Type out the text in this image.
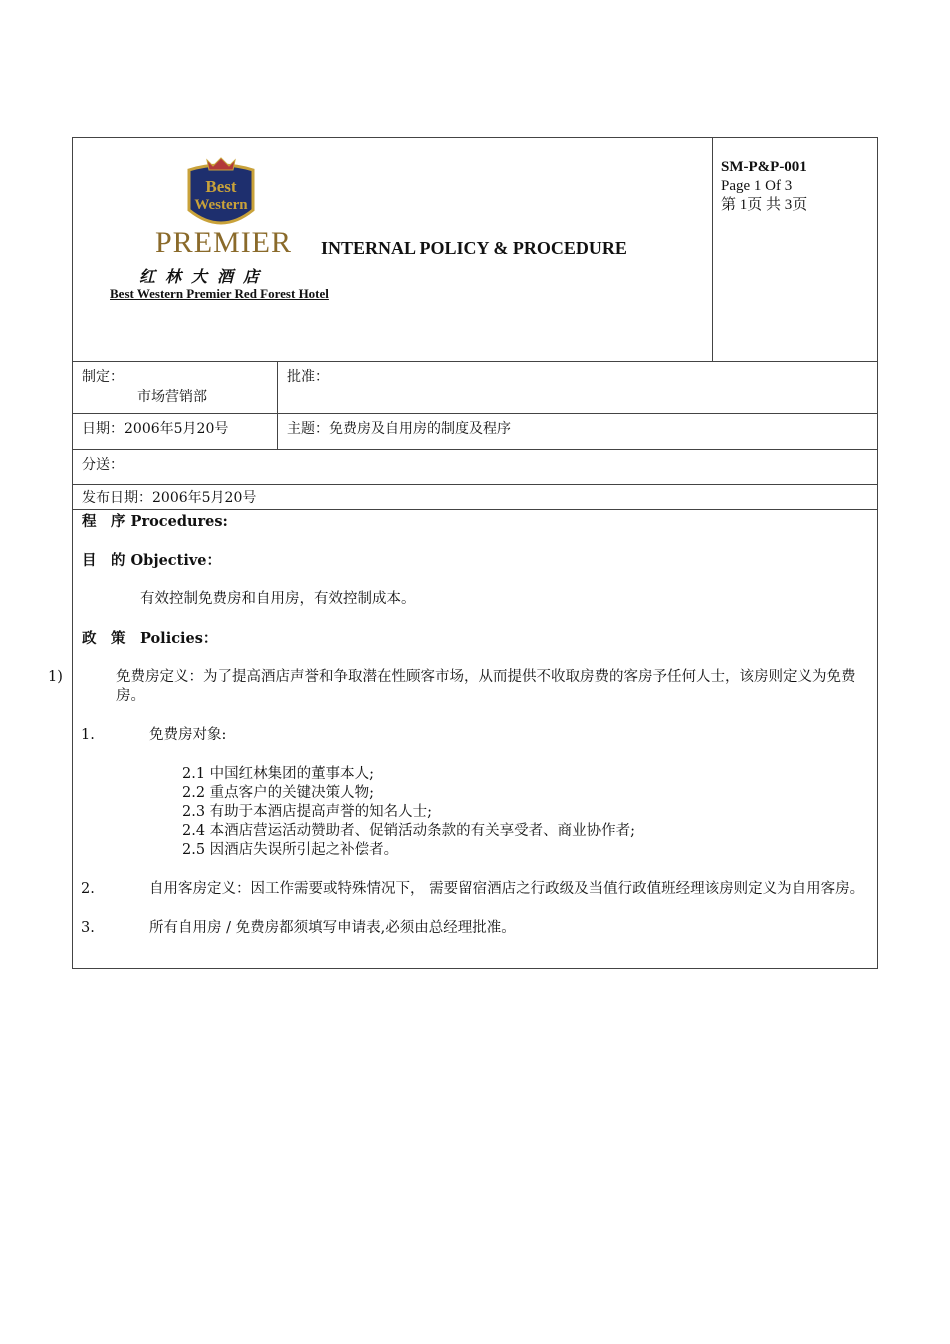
Best
Western
PREMIER
红林大酒店
Best Western Premier Red Forest Hotel
INTERNAL POLICY & PROCEDURE
SM-P&P-001
Page 1 Of 3
第 1页 共 3页
制定：
市场营销部
批准：
日期：2006年5月20号	主题：免费房及自用房的制度及程序
分送：
发布日期：2006年5月20号

程　序 Procedures:

目　的 Objective：

有效控制免费房和自用房，有效控制成本。

政　策　Policies：

1)	免费房定义：为了提高酒店声誉和争取潜在性顾客市场，从而提供不收取房费的客房予任何人士，该房则定义为免费房。

1.	免费房对象:

2.1 中国红林集团的董事本人;
2.2 重点客户的关键决策人物;
2.3 有助于本酒店提高声誉的知名人士;
2.4 本酒店营运活动赞助者、促销活动条款的有关享受者、商业协作者;
2.5 因酒店失误所引起之补偿者。

2.	自用客房定义：因工作需要或特殊情况下， 需要留宿酒店之行政级及当值行政值班经理该房则定义为自用客房。

3.	所有自用房 / 免费房都须填写申请表,必须由总经理批准。
